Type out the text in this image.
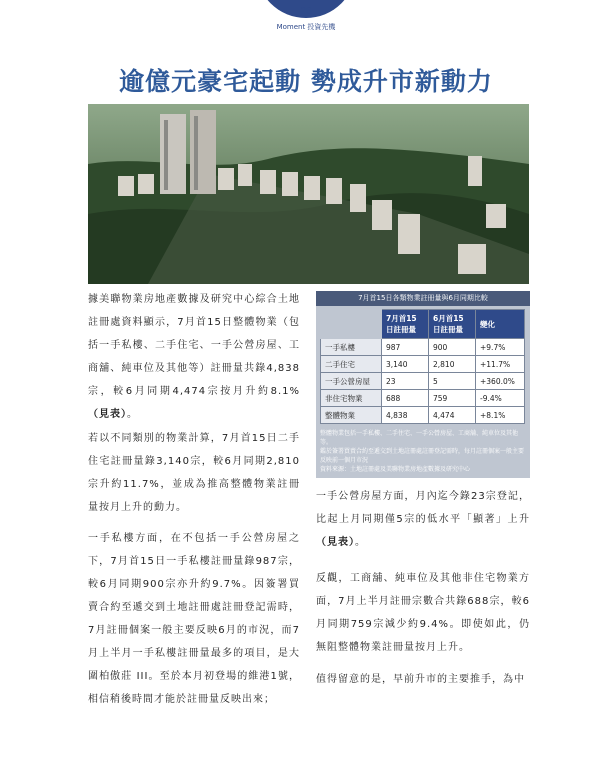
26
Moment 投資先機
逾億元豪宅起動 勢成升市新動力

據美聯物業房地產數據及研究中心綜合土地註冊處資料顯示，7月首15日整體物業（包括一手私樓、二手住宅、一手公營房屋、工商舖、純車位及其他等）註冊量共錄4,838宗，較6月同期4,474宗按月升約8.1%（見表）。

若以不同類別的物業計算，7月首15日二手住宅註冊量錄3,140宗，較6月同期2,810宗升約11.7%，並成為推高整體物業註冊量按月上升的動力。

一手私樓方面，在不包括一手公營房屋之下，7月首15日一手私樓註冊量錄987宗，較6月同期900宗亦升約9.7%。因簽署買賣合約至遞交到土地註冊處註冊登記需時，7月註冊個案一般主要反映6月的市況，而7月上半月一手私樓註冊量最多的項目，是大圍柏傲莊 III。至於本月初登場的維港1號，相信稍後時間才能於註冊量反映出來；

7月首15日各類物業註冊量與6月同期比較
	7月首15日註冊量	6月首15日註冊量	變化
一手私樓	987	900	+9.7%
二手住宅	3,140	2,810	+11.7%
一手公營房屋	23	5	+360.0%
非住宅物業	688	759	-9.4%
整體物業	4,838	4,474	+8.1%
整體物業包括一手私樓、二手住宅、一手公營房屋、工商舖、純車位及其他等。
鑑於簽署買賣合約至遞交到土地註冊處註冊登記需時，每月註冊個案一般主要反映前一個月市況
資料來源：土地註冊處及美聯物業房地產數據及研究中心

一手公營房屋方面，月內迄今錄23宗登記，比起上月同期僅5宗的低水平「顯著」上升（見表）。

反觀，工商舖、純車位及其他非住宅物業方面，7月上半月註冊宗數合共錄688宗，較6月同期759宗減少約9.4%。即使如此，仍無阻整體物業註冊量按月上升。

值得留意的是，早前升市的主要推手，為中
